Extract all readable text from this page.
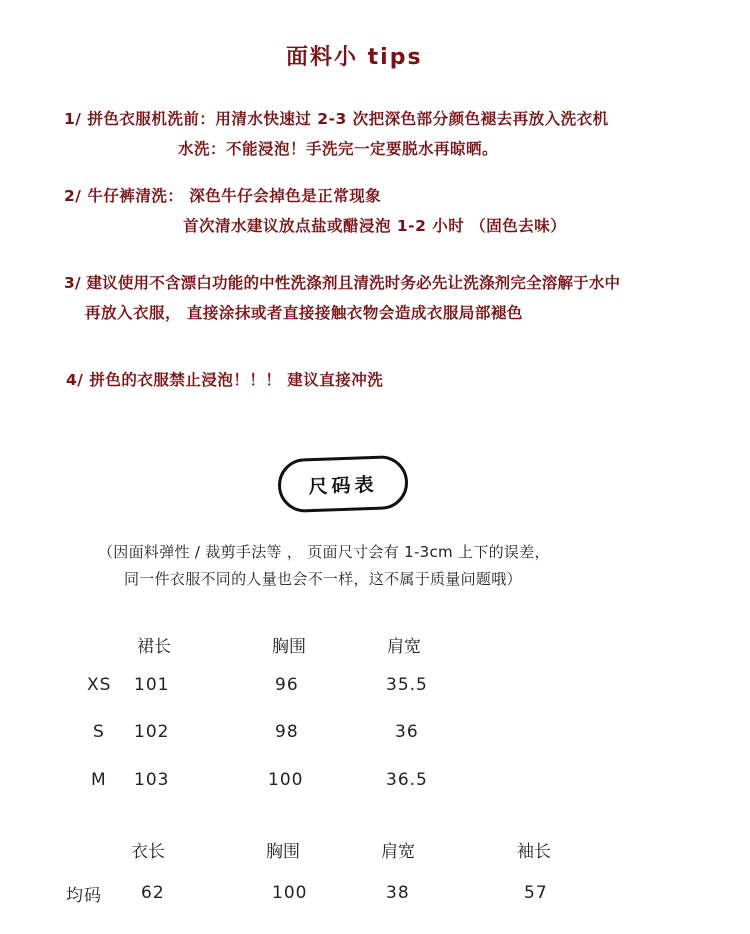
面料小 tips
1/ 拼色衣服机洗前：用清水快速过 2-3 次把深色部分颜色褪去再放入洗衣机
水洗：不能浸泡！手洗完一定要脱水再晾晒。
2/ 牛仔裤清洗： 深色牛仔会掉色是正常现象
首次清水建议放点盐或醋浸泡 1-2 小时 （固色去味）
3/ 建议使用不含漂白功能的中性洗涤剂且清洗时务必先让洗涤剂完全溶解于水中
再放入衣服， 直接涂抹或者直接接触衣物会造成衣服局部褪色
4/ 拼色的衣服禁止浸泡！！！ 建议直接冲洗
尺码表
（因面料弹性 / 裁剪手法等 ， 页面尺寸会有 1-3cm 上下的误差，
同一件衣服不同的人量也会不一样，这不属于质量问题哦）
裙长	胸围	肩宽
XS 101	96	35.5
S 102	98	36
M 103	100	36.5
衣长	胸围	肩宽	袖长
均码 62	100	38	57
